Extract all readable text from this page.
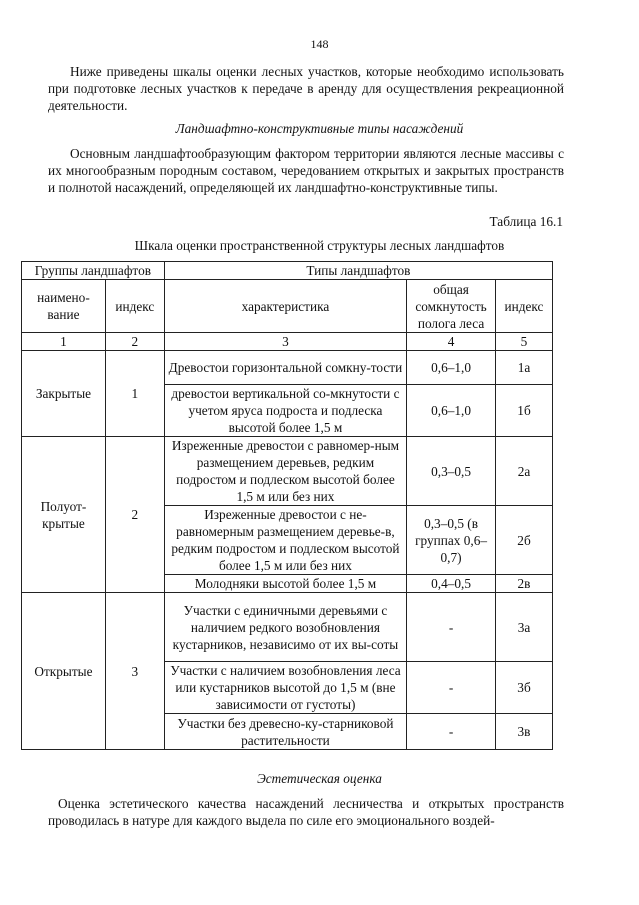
148

Ниже приведены шкалы оценки лесных участков, которые необходимо использовать при подготовке лесных участков к передаче в аренду для осуществления рекреационной деятельности.

Ландшафтно-конструктивные типы насаждений

Основным ландшафтообразующим фактором территории являются лесные массивы с их многообразным породным составом, чередованием открытых и закрытых пространств и полнотой насаждений, определяющей их ландшафтно-конструктивные типы.

Таблица 16.1
Шкала оценки пространственной структуры лесных ландшафтов
Группы ландшафтов		Типы ландшафтов		
наимено-вание	индекс	характеристика	общая сомкнутость полога леса	индекс
1	2	3	4	5
Закрытые	1	Древостои горизонтальной сомкну-тости	0,6–1,0	1а
		древостои вертикальной со-мкнутости с учетом яруса подроста и подлеска высотой более 1,5 м	0,6–1,0	1б
Полуот-крытые	2	Изреженные древостои с равномер-ным размещением деревьев, редким подростом и подлеском высотой более 1,5 м или без них	0,3–0,5	2а
		Изреженные древостои с не-равномерным размещением деревье-в, редким подростом и подлеском высотой более 1,5 м или без них	0,3–0,5 (в группах 0,6–0,7)	2б
		Молодняки высотой более 1,5 м	0,4–0,5	2в
Открытые	3	Участки с единичными деревьями с наличием редкого возобновления кустарников, независимо от их вы-соты	-	3а
		Участки с наличием возобновления леса или кустарников высотой до 1,5 м (вне зависимости от густоты)	-	3б
		Участки без древесно-ку-старниковой растительности	-	3в
Эстетическая оценка

Оценка эстетического качества насаждений лесничества и открытых пространств проводилась в натуре для каждого выдела по силе его эмоционального воздей-
